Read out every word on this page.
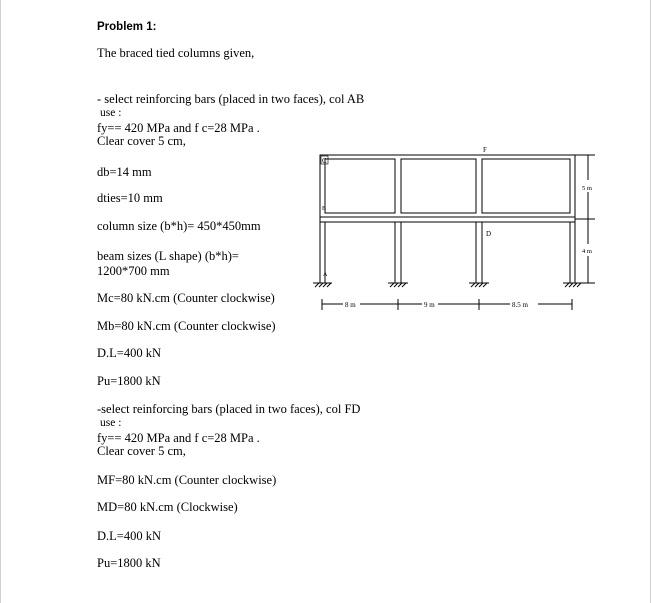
Problem 1:
The braced tied columns given,
- select reinforcing bars (placed in two faces), col AB
use :
fy== 420 MPa and f c=28 MPa .
Clear cover 5 cm,
db=14 mm
dties=10 mm
column size (b*h)= 450*450mm
beam sizes (L shape) (b*h)=
1200*700 mm
Mc=80 kN.cm (Counter clockwise)
Mb=80 kN.cm (Counter clockwise)
D.L=400 kN
Pu=1800 kN
-select reinforcing bars (placed in two faces), col FD
use :
fy== 420 MPa and f c=28 MPa .
Clear cover 5 cm,
MF=80 kN.cm (Counter clockwise)
MD=80 kN.cm (Clockwise)
D.L=400 kN
Pu=1800 kN
C
B
A
F
D
8 m	9 m	8.5 m
5 m
4 m
